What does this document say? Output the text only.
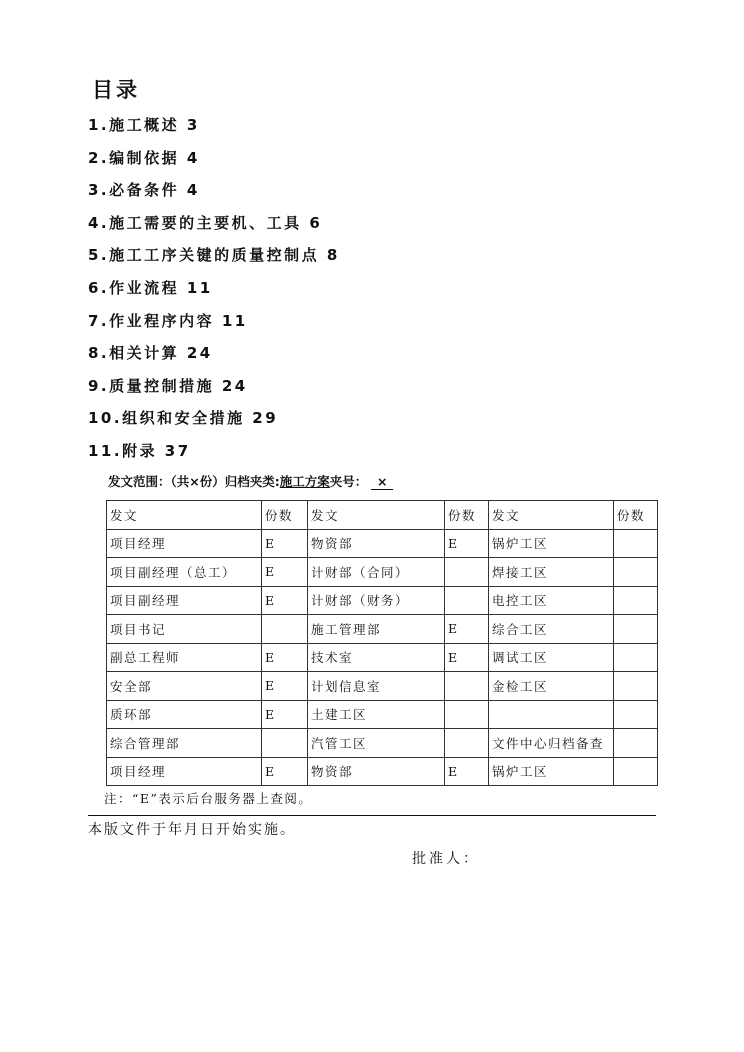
目录
1.施工概述 3
2.编制依据 4
3.必备条件 4
4.施工需要的主要机、工具 6
5.施工工序关键的质量控制点 8
6.作业流程 11
7.作业程序内容 11
8.相关计算 24
9.质量控制措施 24
10.组织和安全措施 29
11.附录 37
发文范围：（共×份）归档夹类:施工方案夹号： ×
发文	份数	发文	份数	发文	份数
项目经理	E	物资部	E	锅炉工区	
项目副经理（总工）	E	计财部（合同）		焊接工区	
项目副经理	E	计财部（财务）		电控工区	
项目书记		施工管理部	E	综合工区	
副总工程师	E	技术室	E	调试工区	
安全部	E	计划信息室		金检工区	
质环部	E	土建工区			
综合管理部		汽管工区		文件中心归档备查	
项目经理	E	物资部	E	锅炉工区	
注：“E”表示后台服务器上查阅。
本版文件于年月日开始实施。
批准人：
